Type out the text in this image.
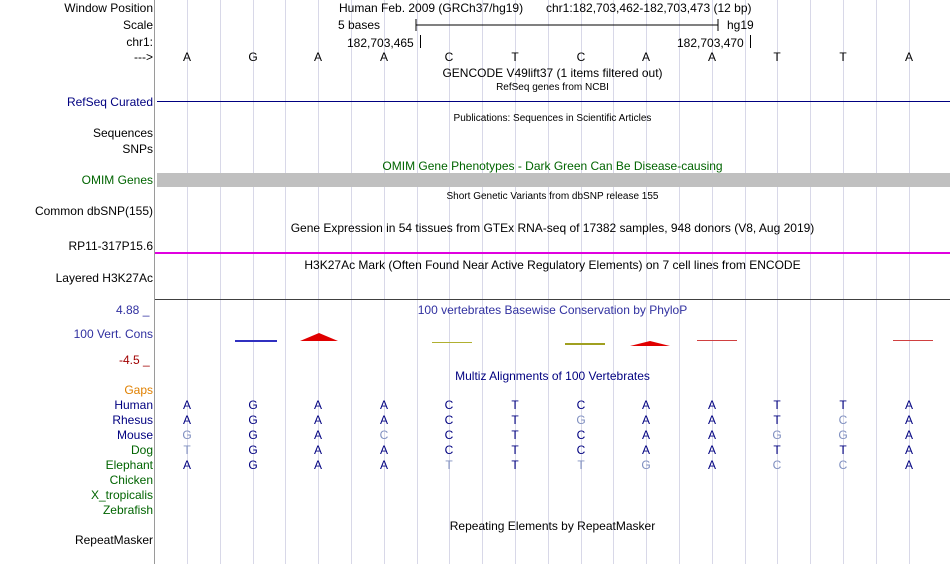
Window Position
Scale
chr1:
--->
Human Feb. 2009 (GRCh37/hg19) chr1:182,703,462-182,703,473 (12 bp)
5 bases	hg19
182,703,465	182,703,470
A	G	A	A	C	T	C	A	A	T	T	A
GENCODE V49lift37 (1 items filtered out)
RefSeq genes from NCBI
RefSeq Curated
Publications: Sequences in Scientific Articles
Sequences
SNPs
OMIM Gene Phenotypes - Dark Green Can Be Disease-causing
OMIM Genes
Short Genetic Variants from dbSNP release 155
Common dbSNP(155)
Gene Expression in 54 tissues from GTEx RNA-seq of 17382 samples, 948 donors (V8, Aug 2019)
RP11-317P15.6
H3K27Ac Mark (Often Found Near Active Regulatory Elements) on 7 cell lines from ENCODE
Layered H3K27Ac
100 vertebrates Basewise Conservation by PhyloP
4.88 _
100 Vert. Cons
-4.5 _
Gaps
Multiz Alignments of 100 Vertebrates
Human	A	G	A	A	C	T	C	A	A	T	T	A
Rhesus	A	G	A	A	C	T	G	A	A	T	C	A
Mouse	G	G	A	C	C	T	C	A	A	G	G	A
Dog	T	G	A	A	C	T	C	A	A	T	T	A
Elephant	A	G	A	A	T	T	T	G	A	C	C	A
Chicken
X_tropicalis
Zebrafish
Repeating Elements by RepeatMasker
RepeatMasker
